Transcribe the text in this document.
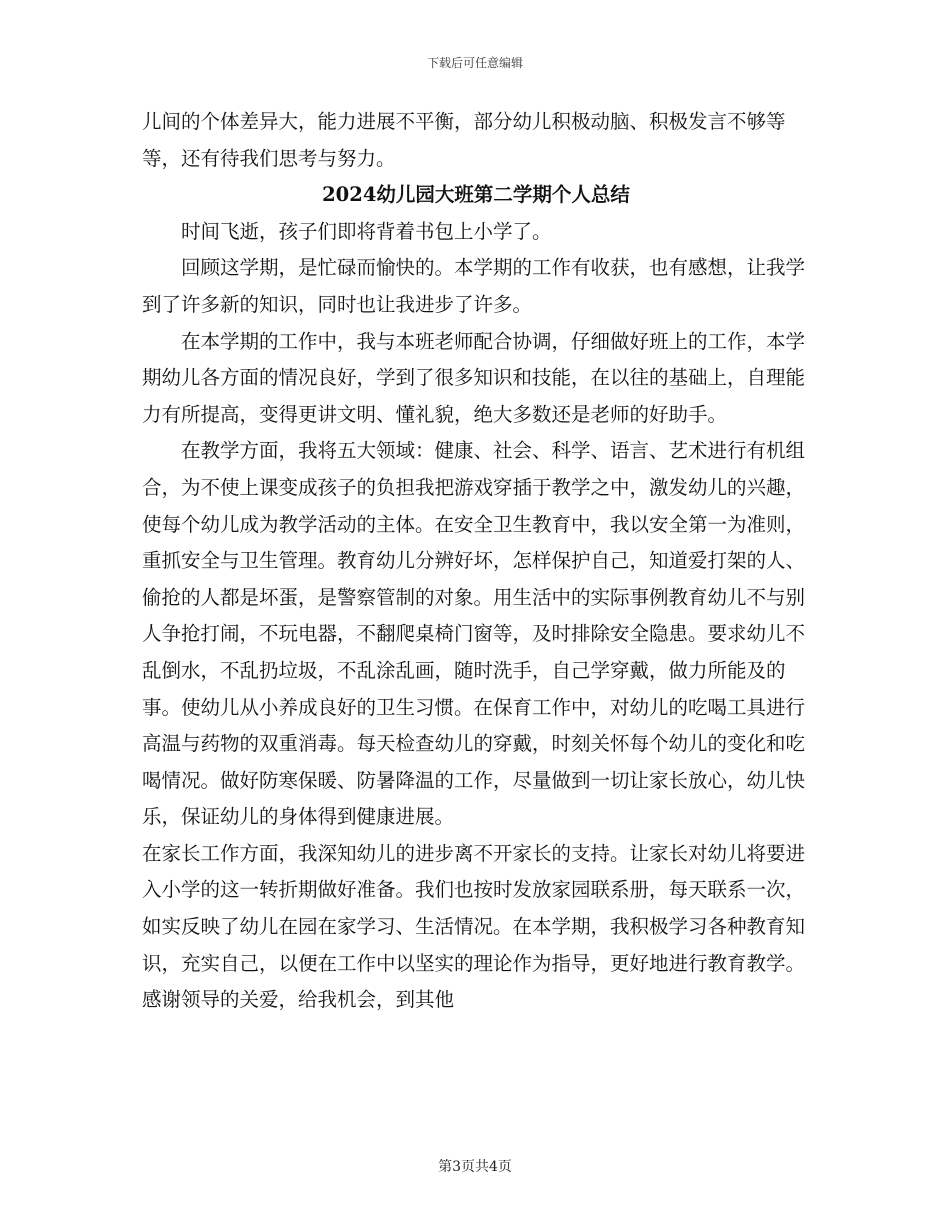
下载后可任意编辑

儿间的个体差异大，能力进展不平衡，部分幼儿积极动脑、积极发言不够等等，还有待我们思考与努力。

2024幼儿园大班第二学期个人总结

时间飞逝，孩子们即将背着书包上小学了。

回顾这学期，是忙碌而愉快的。本学期的工作有收获，也有感想，让我学到了许多新的知识，同时也让我进步了许多。

在本学期的工作中，我与本班老师配合协调，仔细做好班上的工作，本学期幼儿各方面的情况良好，学到了很多知识和技能，在以往的基础上，自理能力有所提高，变得更讲文明、懂礼貌，绝大多数还是老师的好助手。

在教学方面，我将五大领域：健康、社会、科学、语言、艺术进行有机组合，为不使上课变成孩子的负担我把游戏穿插于教学之中，激发幼儿的兴趣，使每个幼儿成为教学活动的主体。在安全卫生教育中，我以安全第一为准则，重抓安全与卫生管理。教育幼儿分辨好坏，怎样保护自己，知道爱打架的人、偷抢的人都是坏蛋，是警察管制的对象。用生活中的实际事例教育幼儿不与别人争抢打闹，不玩电器，不翻爬桌椅门窗等，及时排除安全隐患。要求幼儿不乱倒水，不乱扔垃圾，不乱涂乱画，随时洗手，自己学穿戴，做力所能及的事。使幼儿从小养成良好的卫生习惯。在保育工作中，对幼儿的吃喝工具进行高温与药物的双重消毒。每天检查幼儿的穿戴，时刻关怀每个幼儿的变化和吃喝情况。做好防寒保暖、防暑降温的工作，尽量做到一切让家长放心，幼儿快乐，保证幼儿的身体得到健康进展。

在家长工作方面，我深知幼儿的进步离不开家长的支持。让家长对幼儿将要进入小学的这一转折期做好准备。我们也按时发放家园联系册，每天联系一次，如实反映了幼儿在园在家学习、生活情况。在本学期，我积极学习各种教育知识，充实自己，以便在工作中以坚实的理论作为指导，更好地进行教育教学。感谢领导的关爱，给我机会，到其他

第3页共4页
